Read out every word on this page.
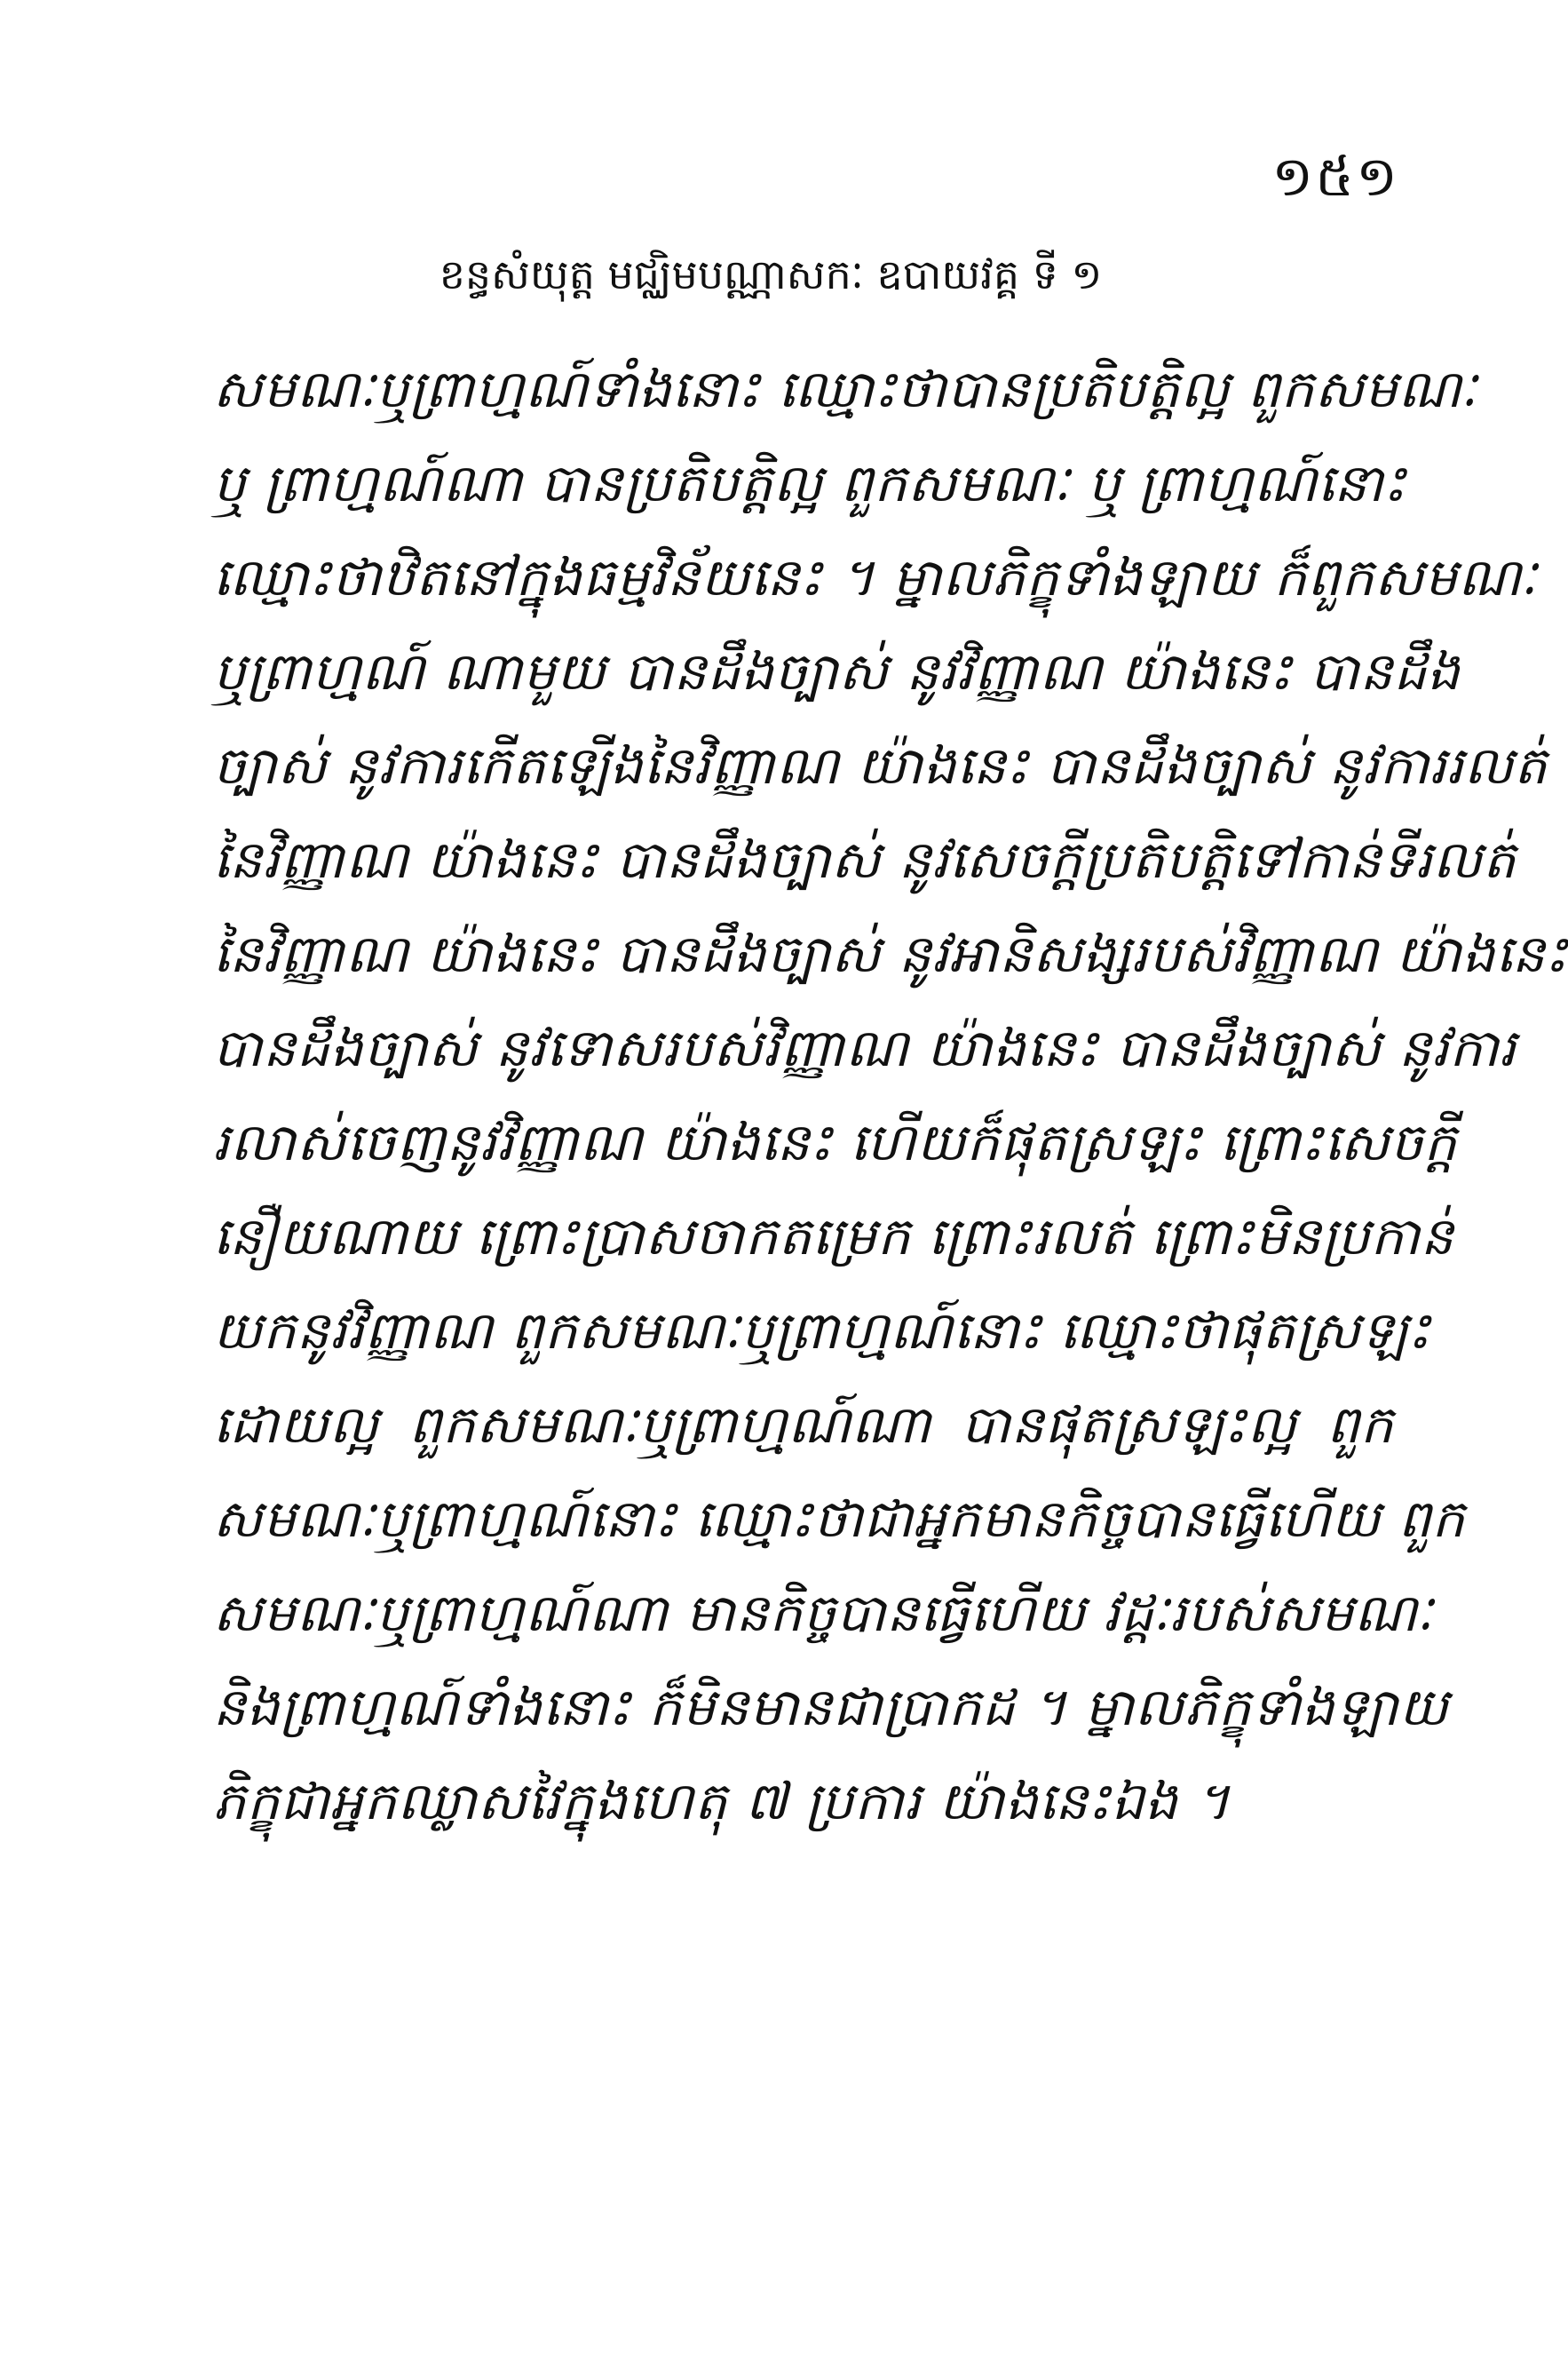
១៥១
ខន្ធសំយុត្ត មជ្ឈិមបណ្ណាសកៈ ឧបាយវគ្គ ទី ១
សមណៈឬព្រាហ្មណ៍ទាំងនោះ ឈ្មោះថាបានប្រតិបត្តិល្អ ពួកសមណៈ
ឬ ព្រាហ្មណ៍ណា បានប្រតិបត្តិល្អ ពួកសមណៈ ឬ ព្រាហ្មណ៍នោះ
ឈ្មោះថាឋិតនៅក្នុងធម្មវិន័យនេះ ។ ម្នាលភិក្ខុទាំងឡាយ ក៏ពួកសមណៈ
ឬព្រាហ្មណ៍ ណាមួយ បានដឹងច្បាស់ នូវវិញ្ញាណ យ៉ាងនេះ បានដឹង
ច្បាស់ នូវការកើតឡើងនៃវិញ្ញាណ យ៉ាងនេះ បានដឹងច្បាស់ នូវការរលត់
នៃវិញ្ញាណ យ៉ាងនេះ បានដឹងច្បាស់ នូវសេចក្តីប្រតិបត្តិទៅកាន់ទីរលត់
នៃវិញ្ញាណ យ៉ាងនេះ បានដឹងច្បាស់ នូវអានិសង្សរបស់វិញ្ញាណ យ៉ាងនេះ
បានដឹងច្បាស់ នូវទោសរបស់វិញ្ញាណ យ៉ាងនេះ បានដឹងច្បាស់ នូវការ
រលាស់ចេញនូវវិញ្ញាណ យ៉ាងនេះ ហើយក៏ផុតស្រឡះ ព្រោះសេចក្តី
នឿយណាយ ព្រោះប្រាសចាកតម្រេក ព្រោះរលត់ ព្រោះមិនប្រកាន់
យកនូវវិញ្ញាណ ពួកសមណៈឬព្រាហ្មណ៍នោះ ឈ្មោះថាផុតស្រឡះ
ដោយល្អ ពួកសមណៈឬព្រាហ្មណ៍ណា បានផុតស្រឡះល្អ ពួក
សមណៈឬព្រាហ្មណ៍នោះ ឈ្មោះថាជាអ្នកមានកិច្ចបានធ្វើហើយ ពួក
សមណៈឬព្រាហ្មណ៍ណា មានកិច្ចបានធ្វើហើយ វដ្តៈរបស់សមណៈ
និងព្រាហ្មណ៍ទាំងនោះ ក៏មិនមានជាប្រាកដ ។ ម្នាលភិក្ខុទាំងឡាយ
ភិក្ខុជាអ្នកឈ្លាសវៃក្នុងហេតុ ៧ ប្រការ យ៉ាងនេះឯង ។
